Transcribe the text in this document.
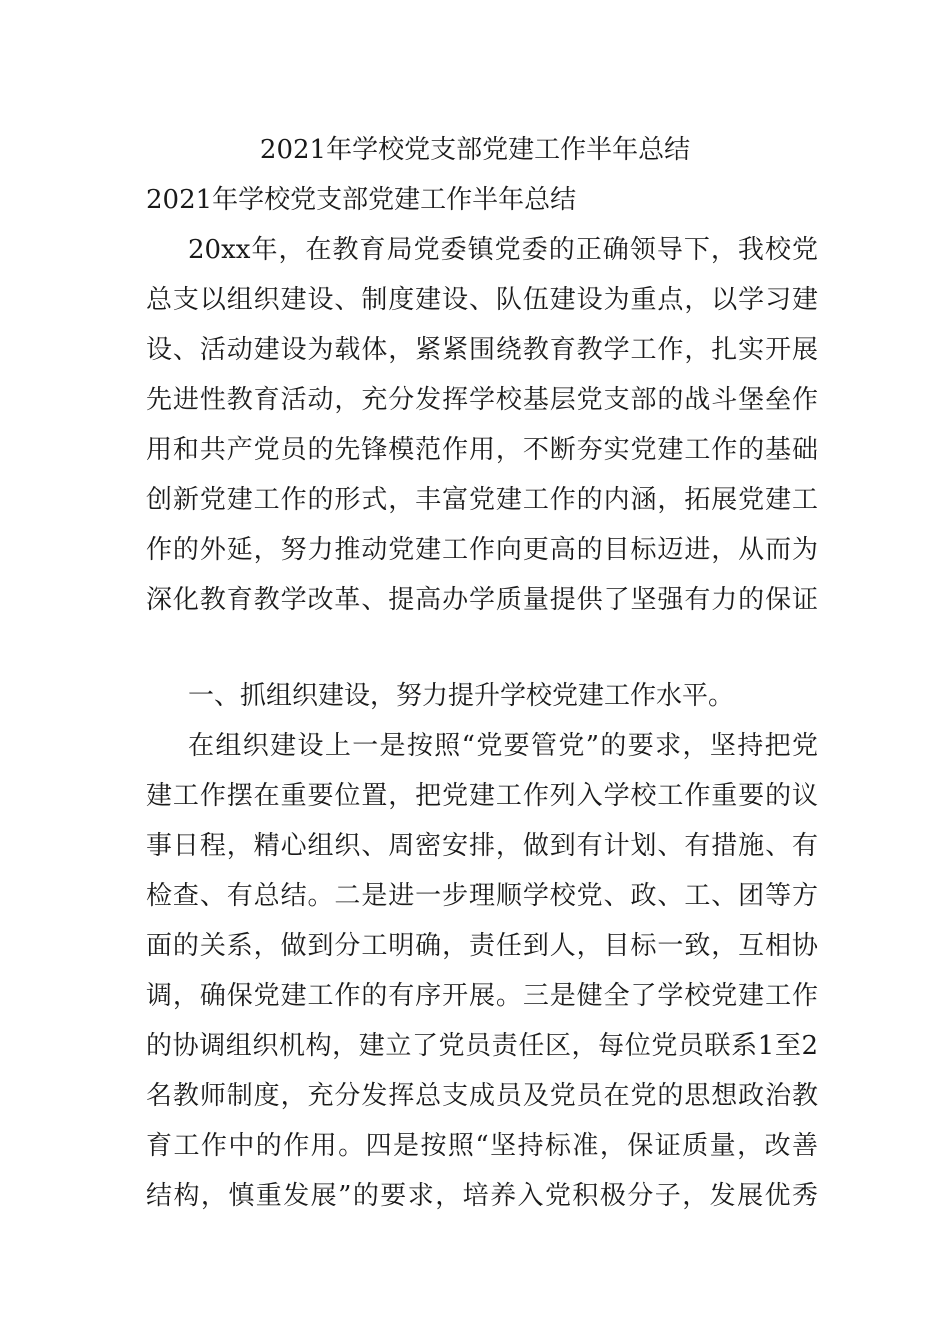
2021年学校党支部党建工作半年总结
2021年学校党支部党建工作半年总结

20xx年，在教育局党委镇党委的正确领导下，我校党

总支以组织建设、制度建设、队伍建设为重点，以学习建

设、活动建设为载体，紧紧围绕教育教学工作，扎实开展

先进性教育活动，充分发挥学校基层党支部的战斗堡垒作

用和共产党员的先锋模范作用，不断夯实党建工作的基础

创新党建工作的形式，丰富党建工作的内涵，拓展党建工

作的外延，努力推动党建工作向更高的目标迈进，从而为

深化教育教学改革、提高办学质量提供了坚强有力的保证

一、抓组织建设，努力提升学校党建工作水平。

在组织建设上一是按照“党要管党”的要求，坚持把党

建工作摆在重要位置，把党建工作列入学校工作重要的议

事日程，精心组织、周密安排，做到有计划、有措施、有

检查、有总结。二是进一步理顺学校党、政、工、团等方

面的关系，做到分工明确，责任到人，目标一致，互相协

调，确保党建工作的有序开展。三是健全了学校党建工作

的协调组织机构，建立了党员责任区，每位党员联系1至2

名教师制度，充分发挥总支成员及党员在党的思想政治教

育工作中的作用。四是按照“坚持标准，保证质量，改善

结构，慎重发展”的要求，培养入党积极分子，发展优秀
